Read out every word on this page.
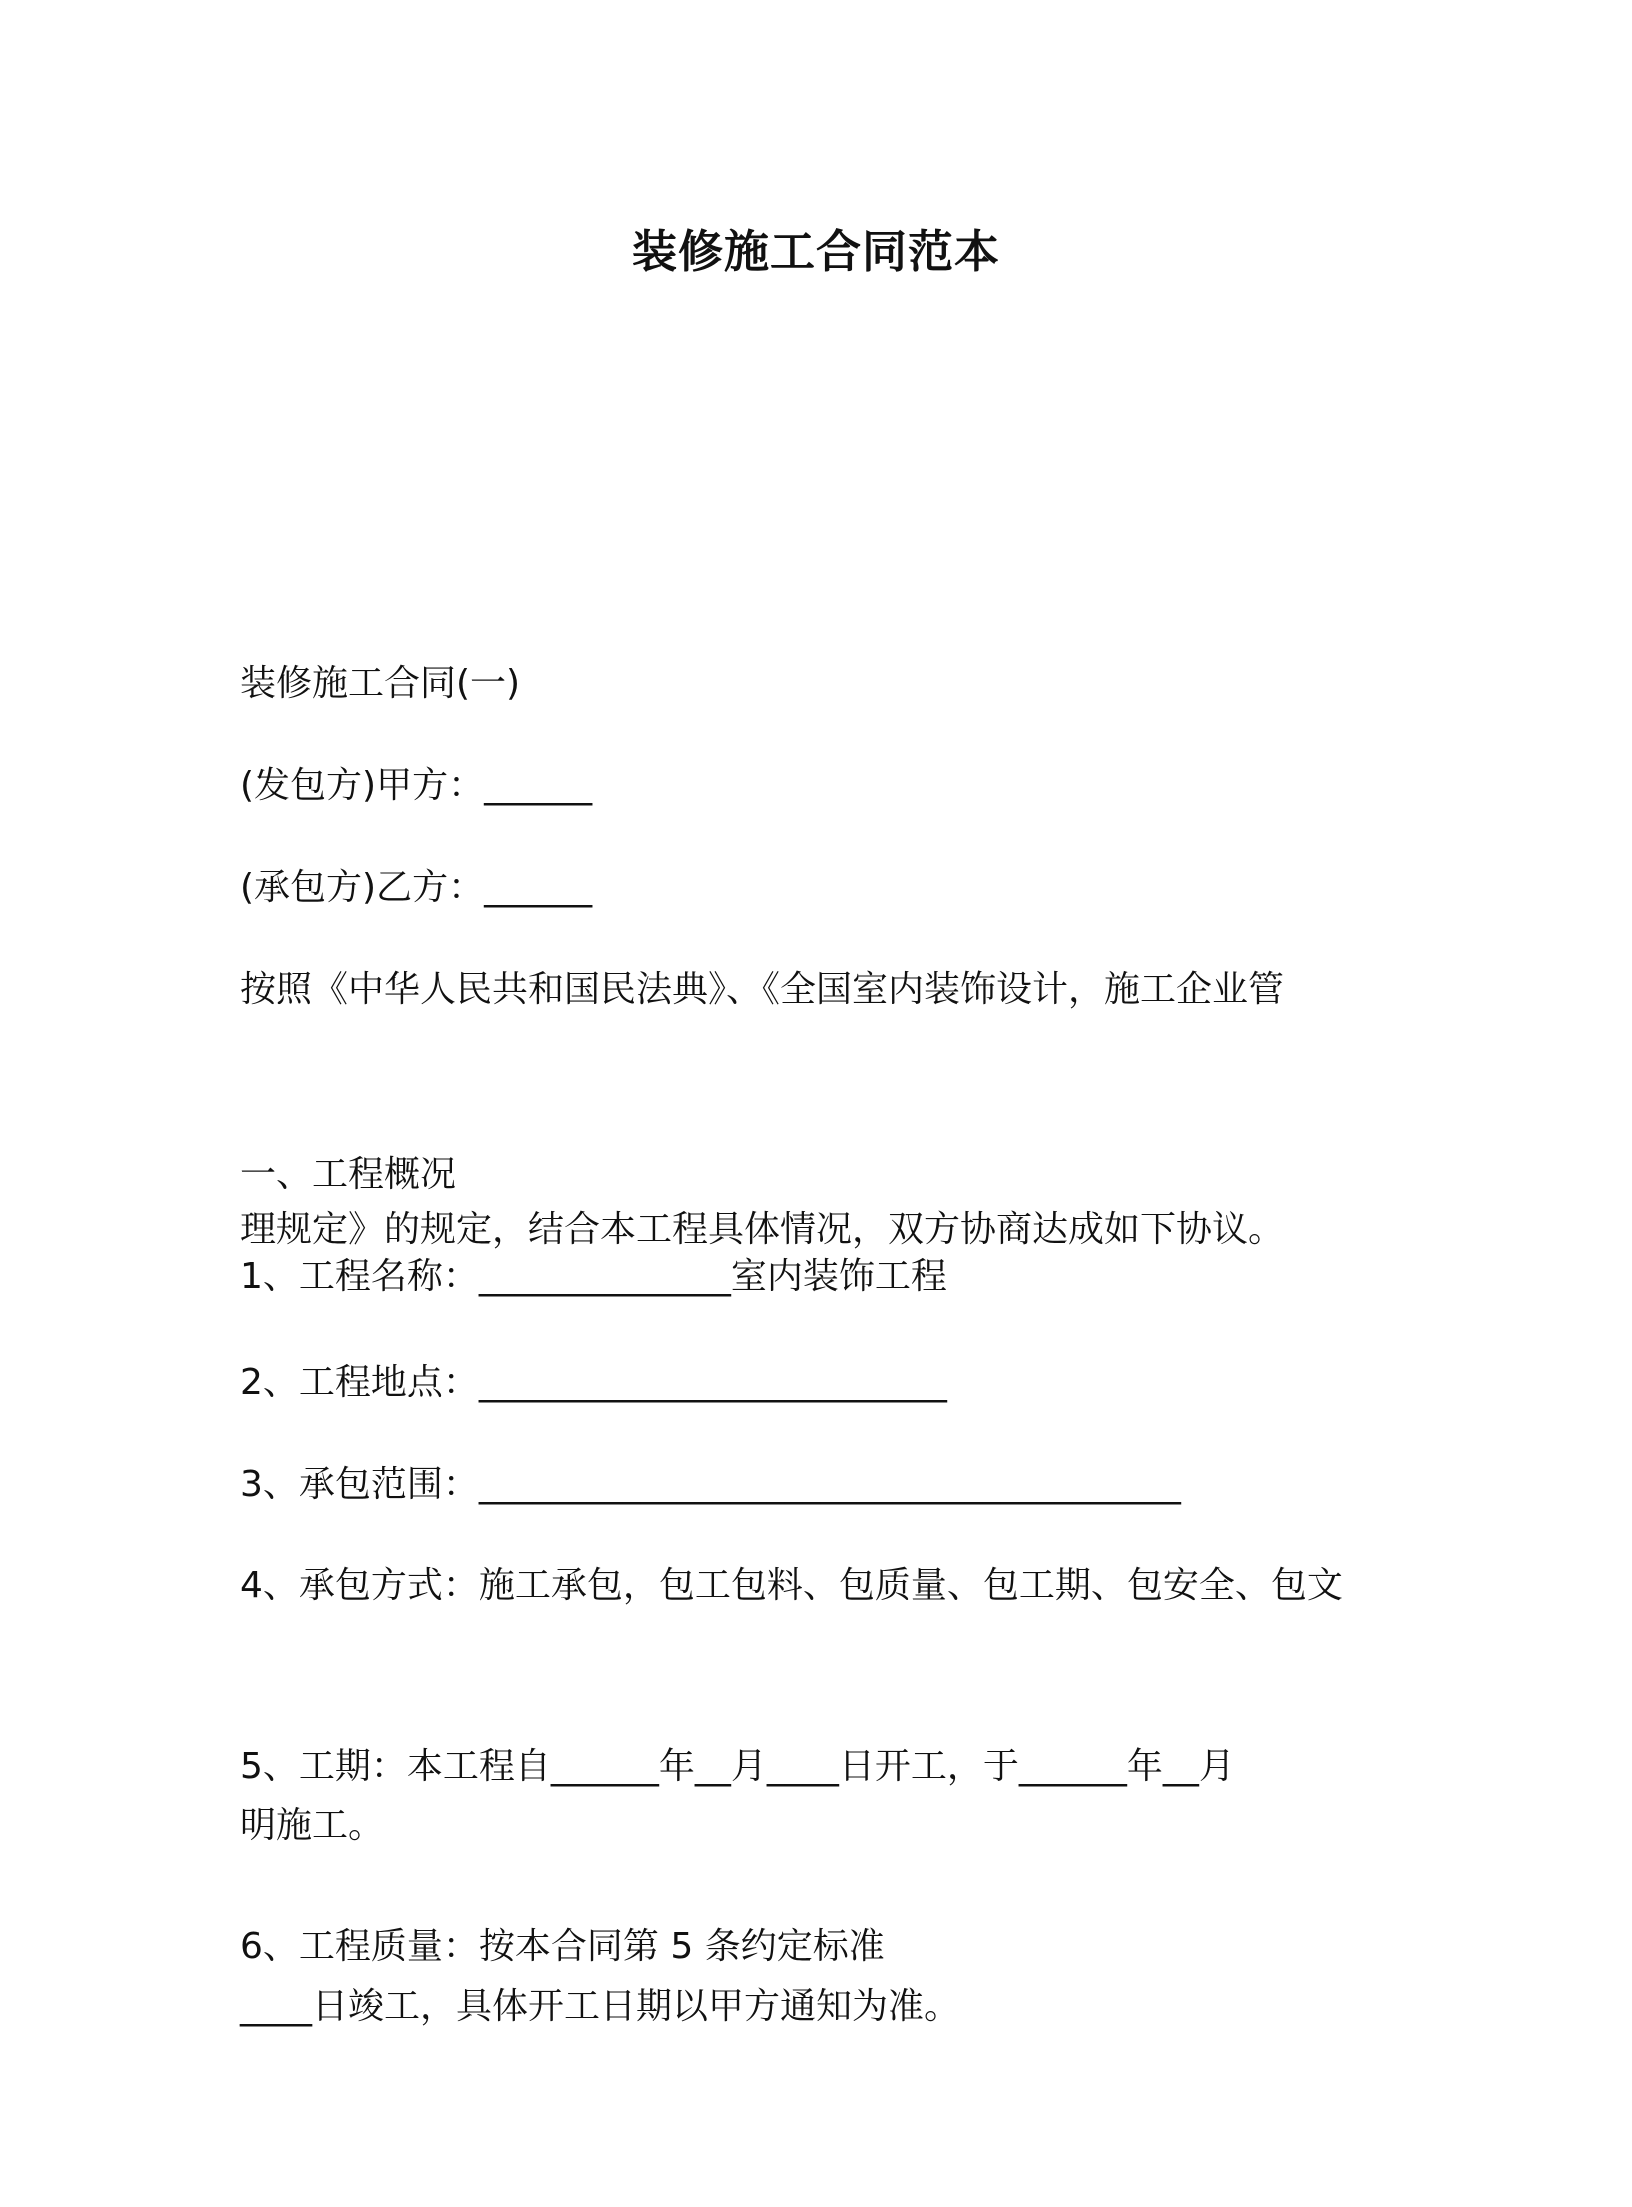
装修施工合同范本

装修施工合同(一)

(发包方)甲方：______

(承包方)乙方：______

按照《中华人民共和国民法典》、《全国室内装饰设计，施工企业管

理规定》的规定，结合本工程具体情况，双方协商达成如下协议。

一、工程概况

1、工程名称：______________室内装饰工程

2、工程地点：__________________________

3、承包范围：_______________________________________

4、承包方式：施工承包，包工包料、包质量、包工期、包安全、包文

明施工。

5、工期：本工程自______年__月____日开工，于______年__月

____日竣工，具体开工日期以甲方通知为准。

6、工程质量：按本合同第 5 条约定标准
